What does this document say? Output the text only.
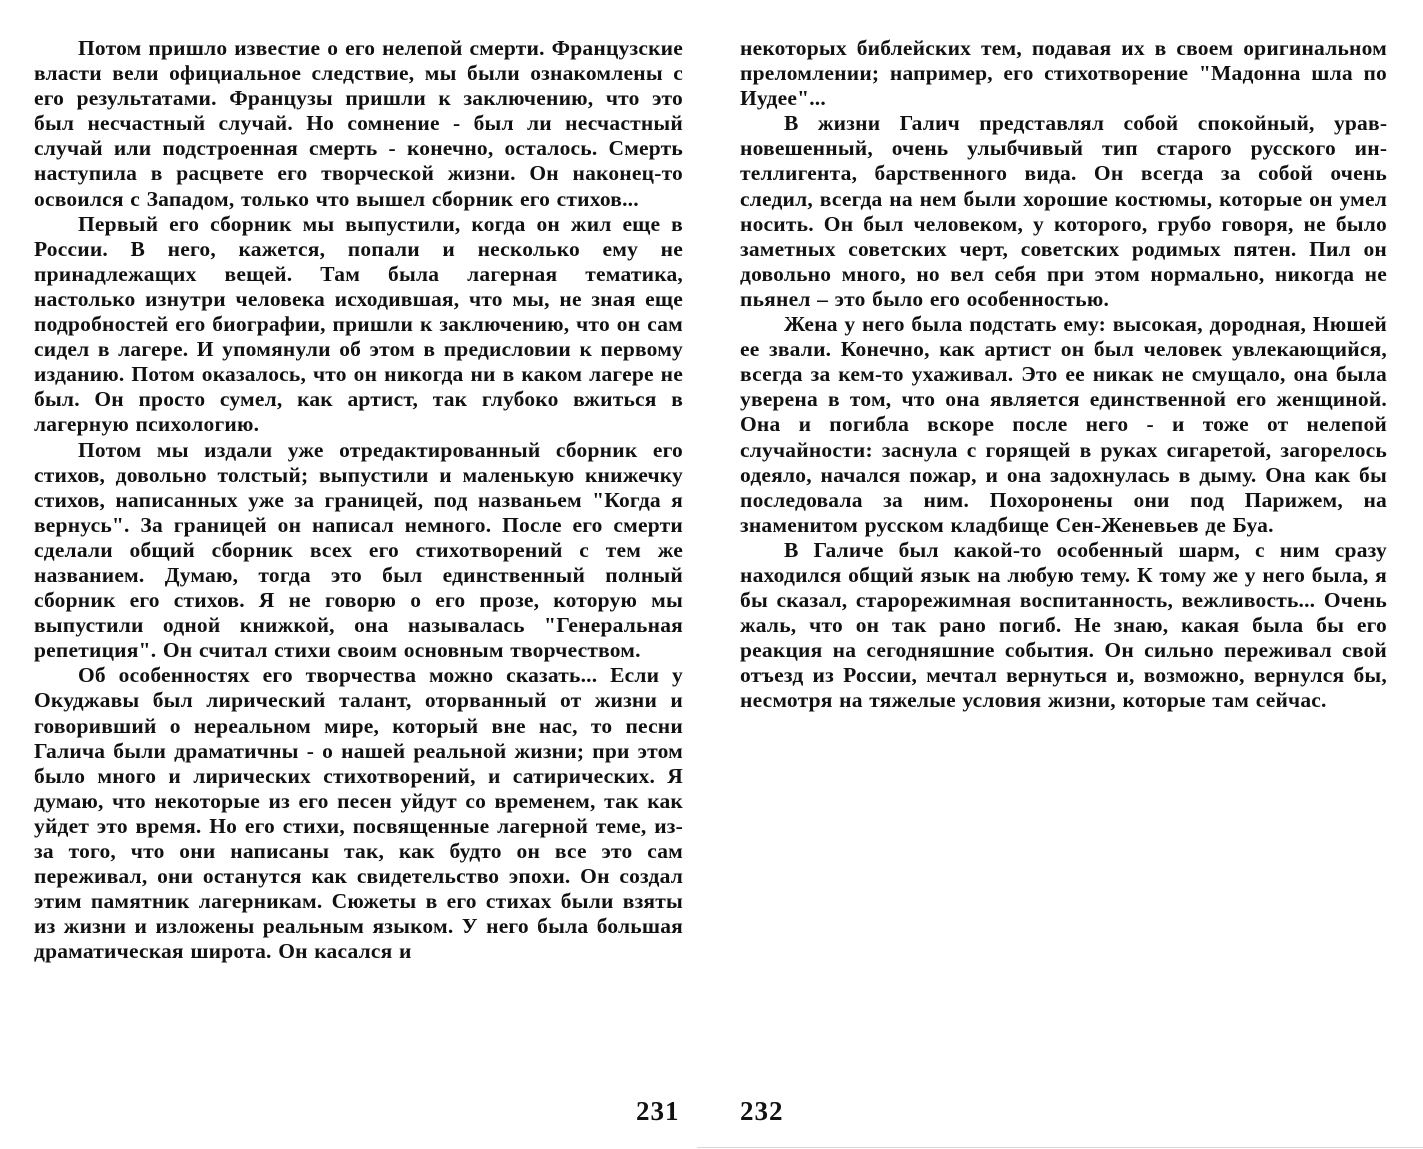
Потом пришло известие о его нелепой смерти. Французские власти вели официальное следствие, мы были ознакомлены с его результатами. Французы пришли к заключению, что это был несчастный случай. Но сомнение - был ли несчастный случай или подстроенная смерть - конечно, осталось. Смерть наступила в расцвете его творческой жизни. Он наконец-то освоился с Западом, только что вышел сборник его стихов...

Первый его сборник мы выпустили, когда он жил еще в России. В него, кажется, попали и несколько ему не принадлежащих вещей. Там была лагерная тематика, настолько изнутри человека исходившая, что мы, не зная еще подробностей его биографии, пришли к заключению, что он сам сидел в лагере. И упомянули об этом в предисловии к первому изданию. Потом оказалось, что он никогда ни в каком лагере не был. Он просто сумел, как артист, так глубоко вжиться в лагерную психологию.

Потом мы издали уже отредактированный сборник его стихов, довольно толстый; выпустили и маленькую книжечку стихов, написанных уже за границей, под названьем "Когда я вернусь". За границей он написал немного. После его смерти сделали общий сборник всех его стихотворений с тем же названием. Думаю, тогда это был единственный полный сборник его стихов. Я не говорю о его прозе, которую мы выпустили одной книжкой, она называлась "Генеральная репетиция". Он считал стихи своим основным творчеством.

Об особенностях его творчества можно сказать... Если у Окуджавы был лирический талант, оторванный от жизни и говоривший о нереальном мире, который вне нас, то песни Галича были драматичны - о нашей реальной жизни; при этом было много и лирических стихотворений, и сатирических. Я думаю, что некоторые из его песен уйдут со временем, так как уйдет это время. Но его стихи, посвященные лагерной теме, из-за того, что они написаны так, как будто он все это сам переживал, они останутся как свидетельство эпохи. Он создал этим памятник лагерникам. Сюжеты в его стихах были взяты из жизни и изложены реальным языком. У него была большая драматическая широта. Он касался и

231

некоторых библейских тем, подавая их в своем оригинальном преломлении; например, его стихотворение "Мадонна шла по Иудее"...

В жизни Галич представлял собой спокойный, уравновешенный, очень улыбчивый тип старого русского интеллигента, барственного вида. Он всегда за собой очень следил, всегда на нем были хорошие костюмы, которые он умел носить. Он был человеком, у которого, грубо говоря, не было заметных советских черт, советских родимых пятен. Пил он довольно много, но вел себя при этом нормально, никогда не пьянел – это было его особенностью.

Жена у него была подстать ему: высокая, дородная, Нюшей ее звали. Конечно, как артист он был человек увлекающийся, всегда за кем-то ухаживал. Это ее никак не смущало, она была уверена в том, что она является единственной его женщиной. Она и погибла вскоре после него - и тоже от нелепой случайности: заснула с горящей в руках сигаретой, загорелось одеяло, начался пожар, и она задохнулась в дыму. Она как бы последовала за ним. Похоронены они под Парижем, на знаменитом русском кладбище Сен-Женевьев де Буа.

В Галиче был какой-то особенный шарм, с ним сразу находился общий язык на любую тему. К тому же у него была, я бы сказал, старорежимная воспитанность, вежливость... Очень жаль, что он так рано погиб. Не знаю, какая была бы его реакция на сегодняшние события. Он сильно переживал свой отъезд из России, мечтал вернуться и, возможно, вернулся бы, несмотря на тяжелые условия жизни, которые там сейчас.

232
